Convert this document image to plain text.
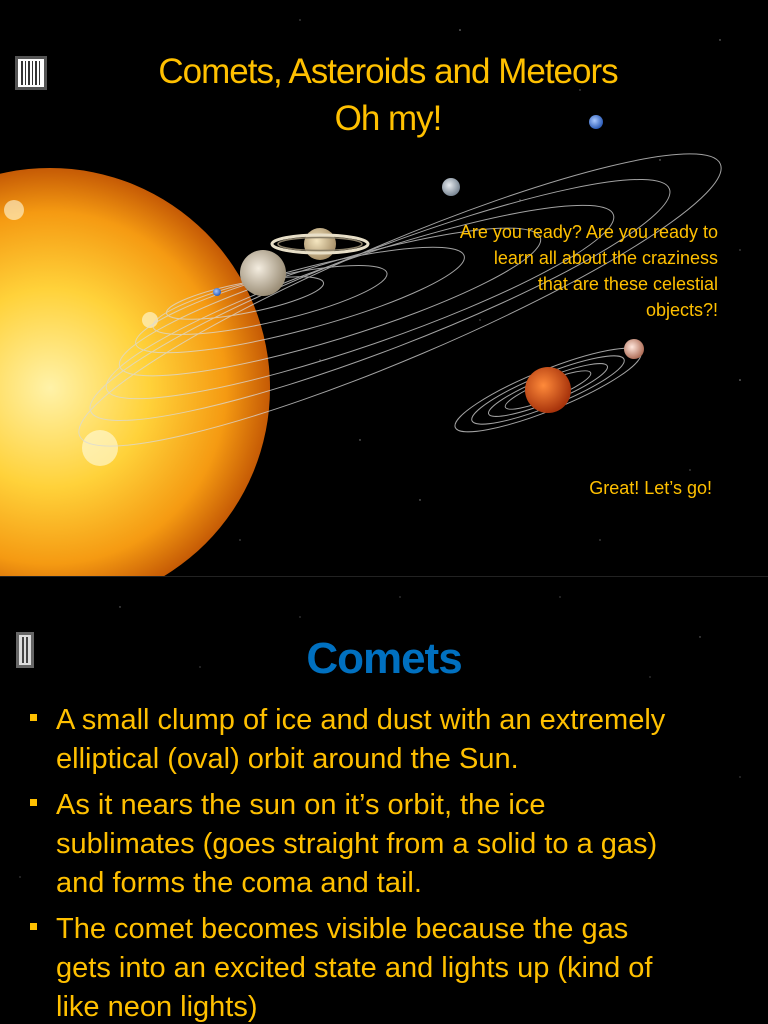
Comets, Asteroids and Meteors
Oh my!

Are you ready? Are you ready to
learn all about the craziness
that are these celestial
objects?!

Great! Let’s go!

Comets
A small clump of ice and dust with an extremely
elliptical (oval) orbit around the Sun.
As it nears the sun on it’s orbit, the ice
sublimates (goes straight from a solid to a gas)
and forms the coma and tail.
The comet becomes visible because the gas
gets into an excited state and lights up (kind of
like neon lights)
